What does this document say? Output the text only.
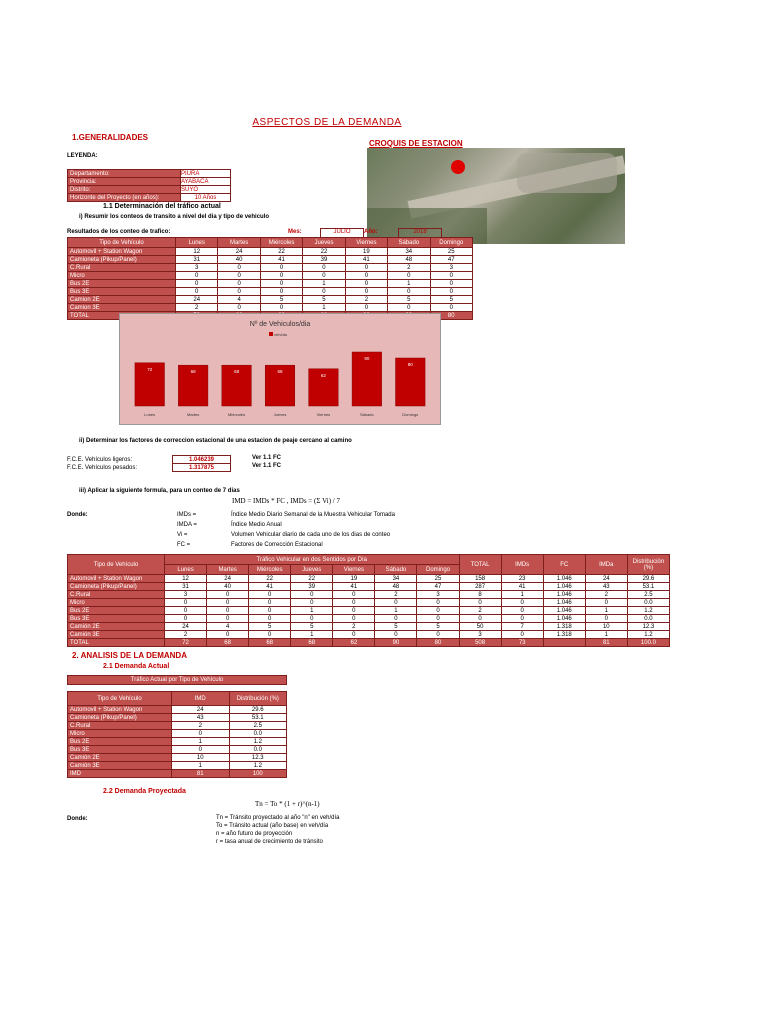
ASPECTOS DE LA DEMANDA
1.GENERALIDADES
CROQUIS DE ESTACION
LEYENDA:
Departamento:	PIURA
Provincia:	AYABACA
Distrito:	SUYO
Horizonte del Proyecto (en años):	10 Años
1.1 Determinación del tráfico actual
i) Resumir los conteos de transito a nivel del dia y tipo de vehiculo
Resultados de los conteo de trafico:	Mes:	JULIO	Año:	2018
Tipo de Vehículo	Lunes	Martes	Miércoles	Jueves	Viernes	Sábado	Domingo
Automovil + Station Wagon	12	24	22	22	19	34	25
Camioneta (Pikup/Panel)	31	40	41	39	41	48	47
C.Rural	3	0	0	0	0	2	3
Micro	0	0	0	0	0	0	0
Bus 2E	0	0	0	1	0	1	0
Bus 3E	0	0	0	0	0	0	0
Camion 2E	24	4	5	5	2	5	5
Camion 3E	2	0	0	1	0	0	0
TOTAL							80
Nº de Vehiculos/dia
veh/dia
72
Lunes
68
Martes
68
Miércoles
68
Jueves
62
Viernes
90
Sábado
80
Domingo
ii) Determinar los factores de correccion estacional de una estacion de peaje cercano al camino
F.C.E. Vehículos ligeros:	1.046239
F.C.E. Vehículos pesados:	1.317875
Ver 1.1 FC
Ver 1.1 FC
iii) Aplicar la siguiente formula, para un conteo de 7 dias
IMD = IMDs * FC , IMDs = (Σ Vi) / 7
Donde:	IMDs =	Índice Medio Diario Semanal de la Muestra Vehicular Tomada
IMDA =	Índice Medio Anual
Vi =	Volumen Vehicular diario de cada uno de los dias de conteo
FC =	Factores de Corrección Estacional
Tipo de Vehículo	Tráfico Vehicular en dos Sentidos por Día							TOTAL	IMDs	FC	IMDa	Distribución (%)
	Lunes	Martes	Miércoles	Jueves	Viernes	Sábado	Domingo					
Automovil + Station Wagon	12	24	22	22	19	34	25	158	23	1.046	24	29.6
Camioneta (Pikup/Panel)	31	40	41	39	41	48	47	287	41	1.046	43	53.1
C.Rural	3	0	0	0	0	2	3	8	1	1.046	2	2.5
Micro	0	0	0	0	0	0	0	0	0	1.046	0	0.0
Bus 2E	0	0	0	1	0	1	0	2	0	1.046	1	1.2
Bus 3E	0	0	0	0	0	0	0	0	0	1.046	0	0.0
Camión 2E	24	4	5	5	2	5	5	50	7	1.318	10	12.3
Camión 3E	2	0	0	1	0	0	0	3	0	1.318	1	1.2
TOTAL	72	68	68	68	62	90	80	508	73		81	100.0
2. ANALISIS DE LA DEMANDA
2.1 Demanda Actual
Tráfico Actual por Tipo de Vehículo
Tipo de Vehículo	IMD	Distribución (%)
Automovil + Station Wagon	24	29.6
Camioneta (Pikup/Panel)	43	53.1
C.Rural	2	2.5
Micro	0	0.0
Bus 2E	1	1.2
Bus 3E	0	0.0
Camión 2E	10	12.3
Camión 3E	1	1.2
IMD	81	100
2.2 Demanda Proyectada
Tn = To * (1 + r)^(n-1)
Donde:	Tn = Tránsito proyectado al año "n" en veh/día
To = Tránsito actual (año base) en veh/día
n = año futuro de proyección
r = tasa anual de crecimiento de tránsito
